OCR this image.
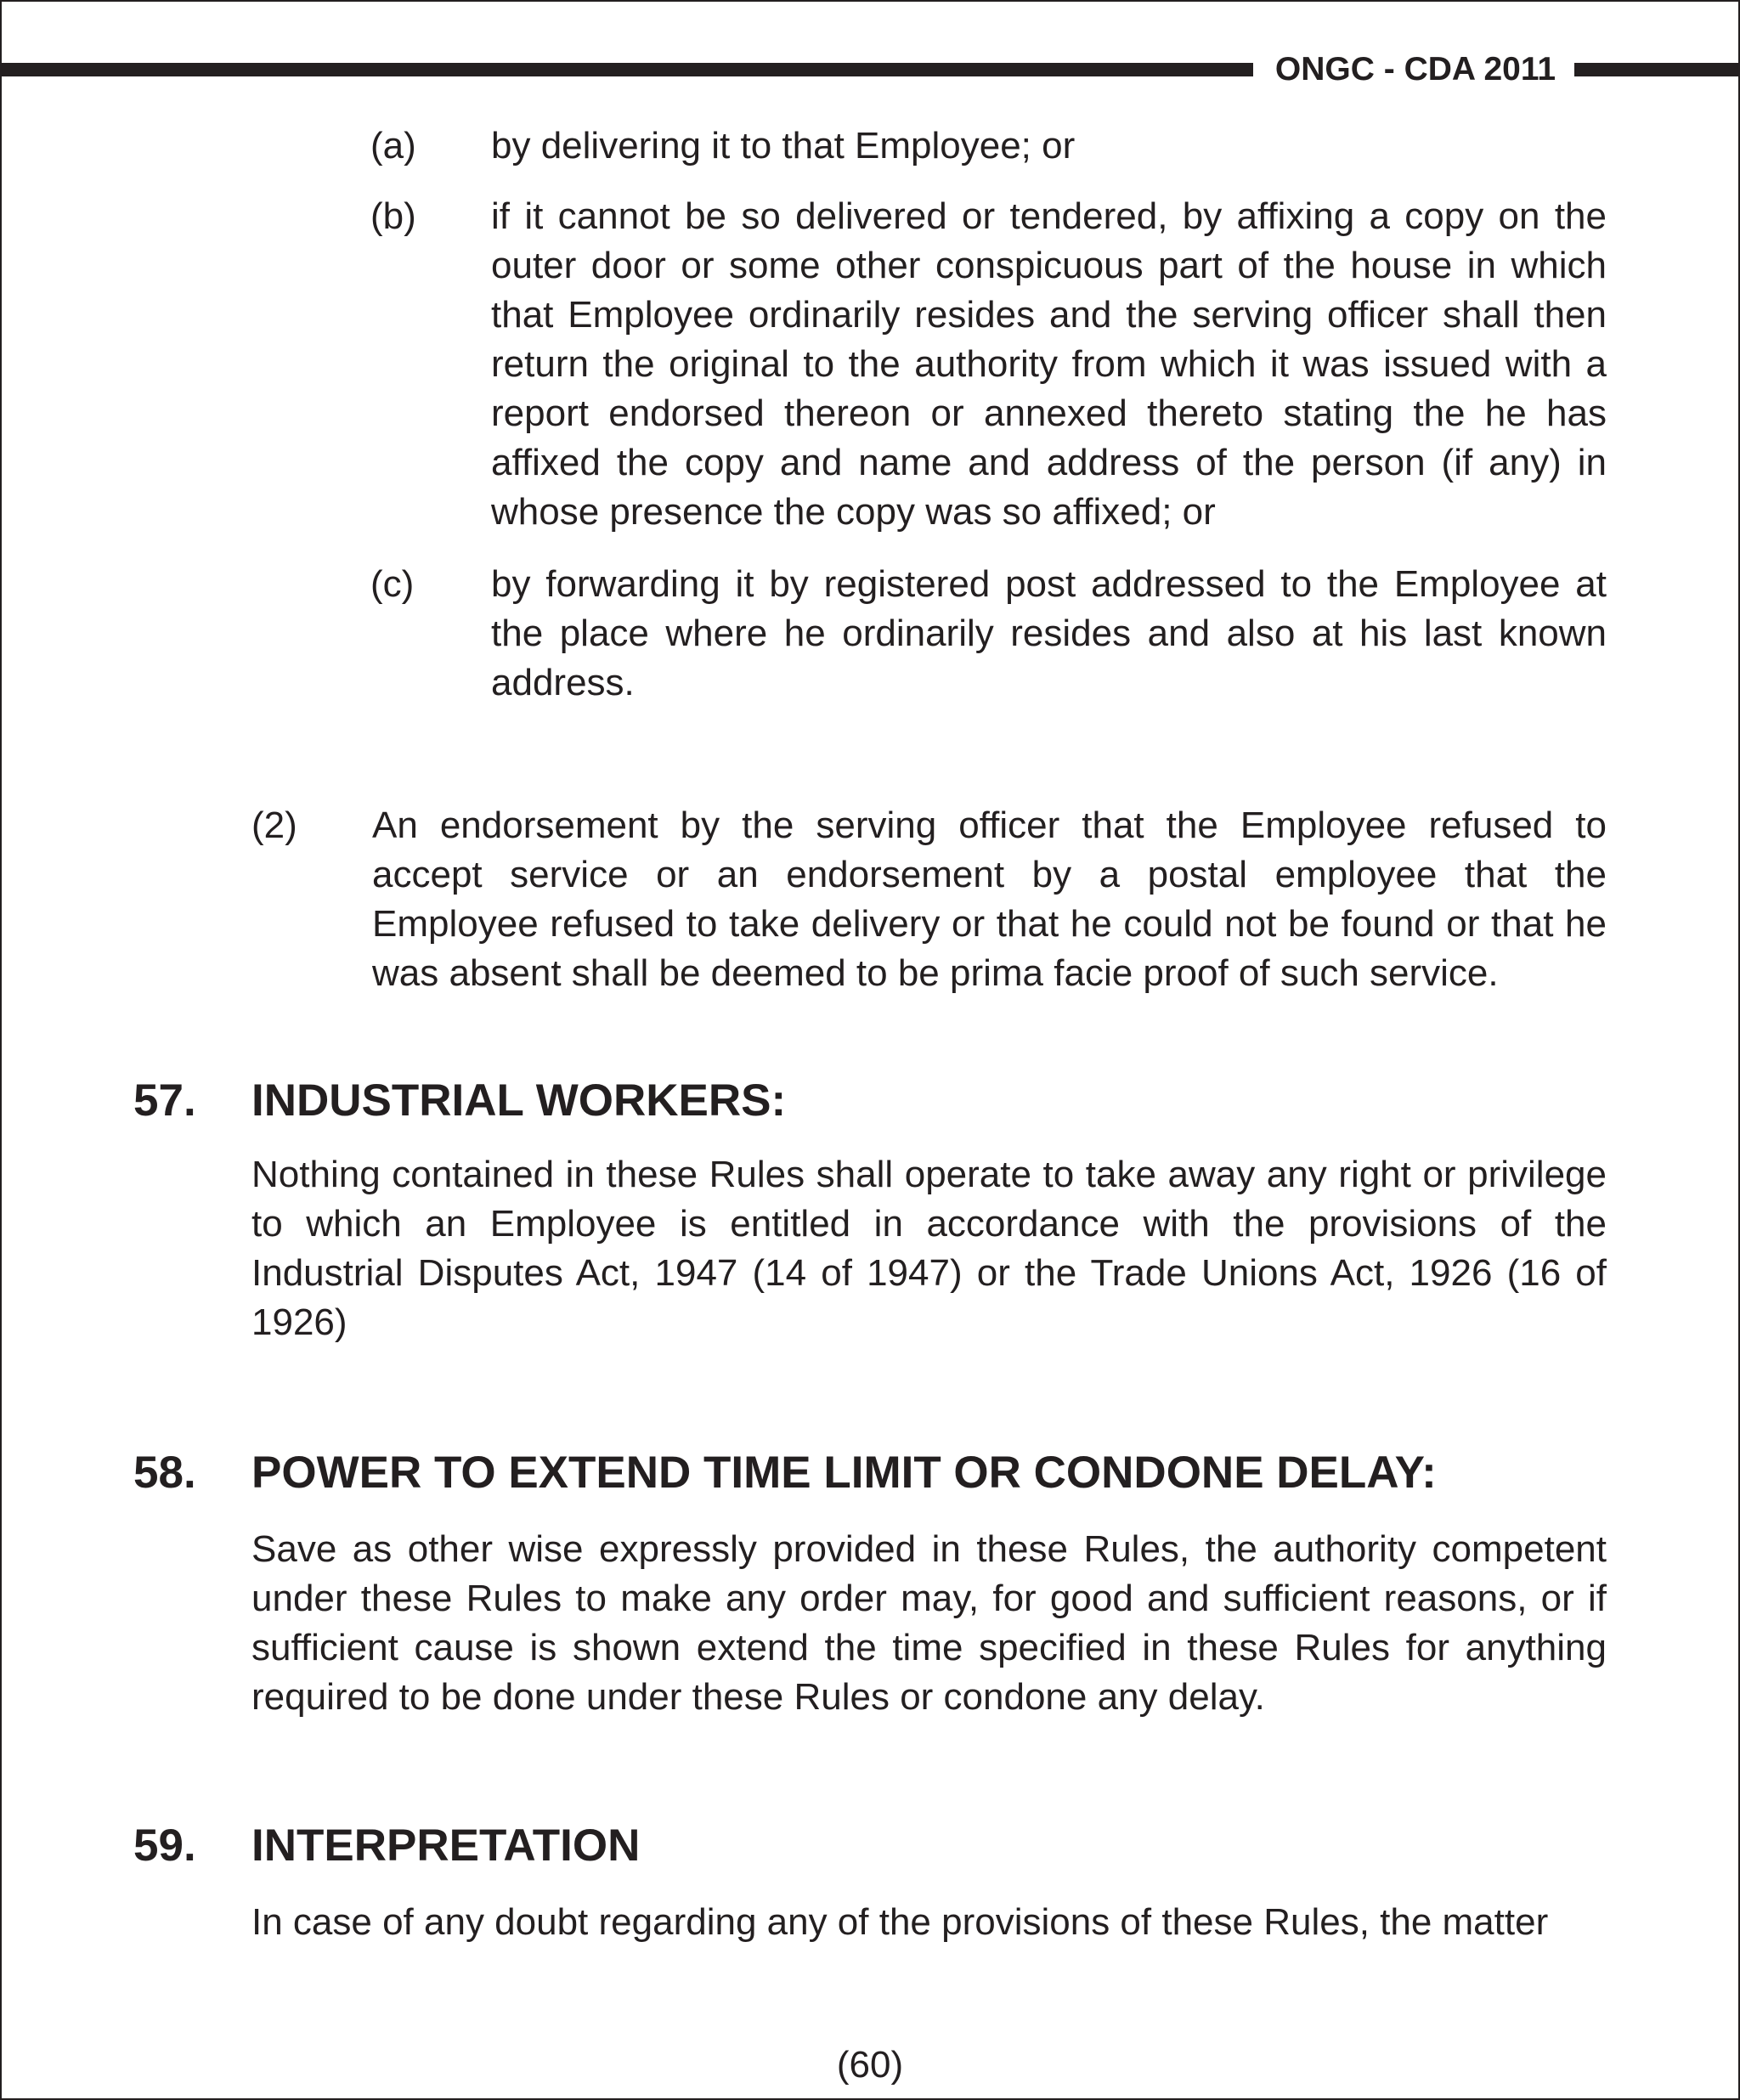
ONGC - CDA 2011
(a) by delivering it to that Employee; or
(b) if it cannot be so delivered or tendered, by affixing a copy on the outer door or some other conspicuous part of the house in which that Employee ordinarily resides and the serving officer shall then return the original to the authority from which it was issued with a report endorsed thereon or annexed thereto stating the he has affixed the copy and name and address of the person (if any) in whose presence the copy was so affixed; or
(c) by forwarding it by registered post addressed to the Employee at the place where he ordinarily resides and also at his last known address.
(2) An endorsement by the serving officer that the Employee refused to accept service or an endorsement by a postal employee that the Employee refused to take delivery or that he could not be found or that he was absent shall be deemed to be prima facie proof of such service.
57. INDUSTRIAL WORKERS:
Nothing contained in these Rules shall operate to take away any right or privilege to which an Employee is entitled in accordance with the provisions of the Industrial Disputes Act, 1947 (14 of 1947) or the Trade Unions Act, 1926 (16 of 1926)
58. POWER TO EXTEND TIME LIMIT OR CONDONE DELAY:
Save as other wise expressly provided in these Rules, the authority competent under these Rules to make any order may, for good and sufficient reasons, or if sufficient cause is shown extend the time specified in these Rules for anything required to be done under these Rules or condone any delay.
59. INTERPRETATION
In case of any doubt regarding any of the provisions of these Rules, the matter
(60)
